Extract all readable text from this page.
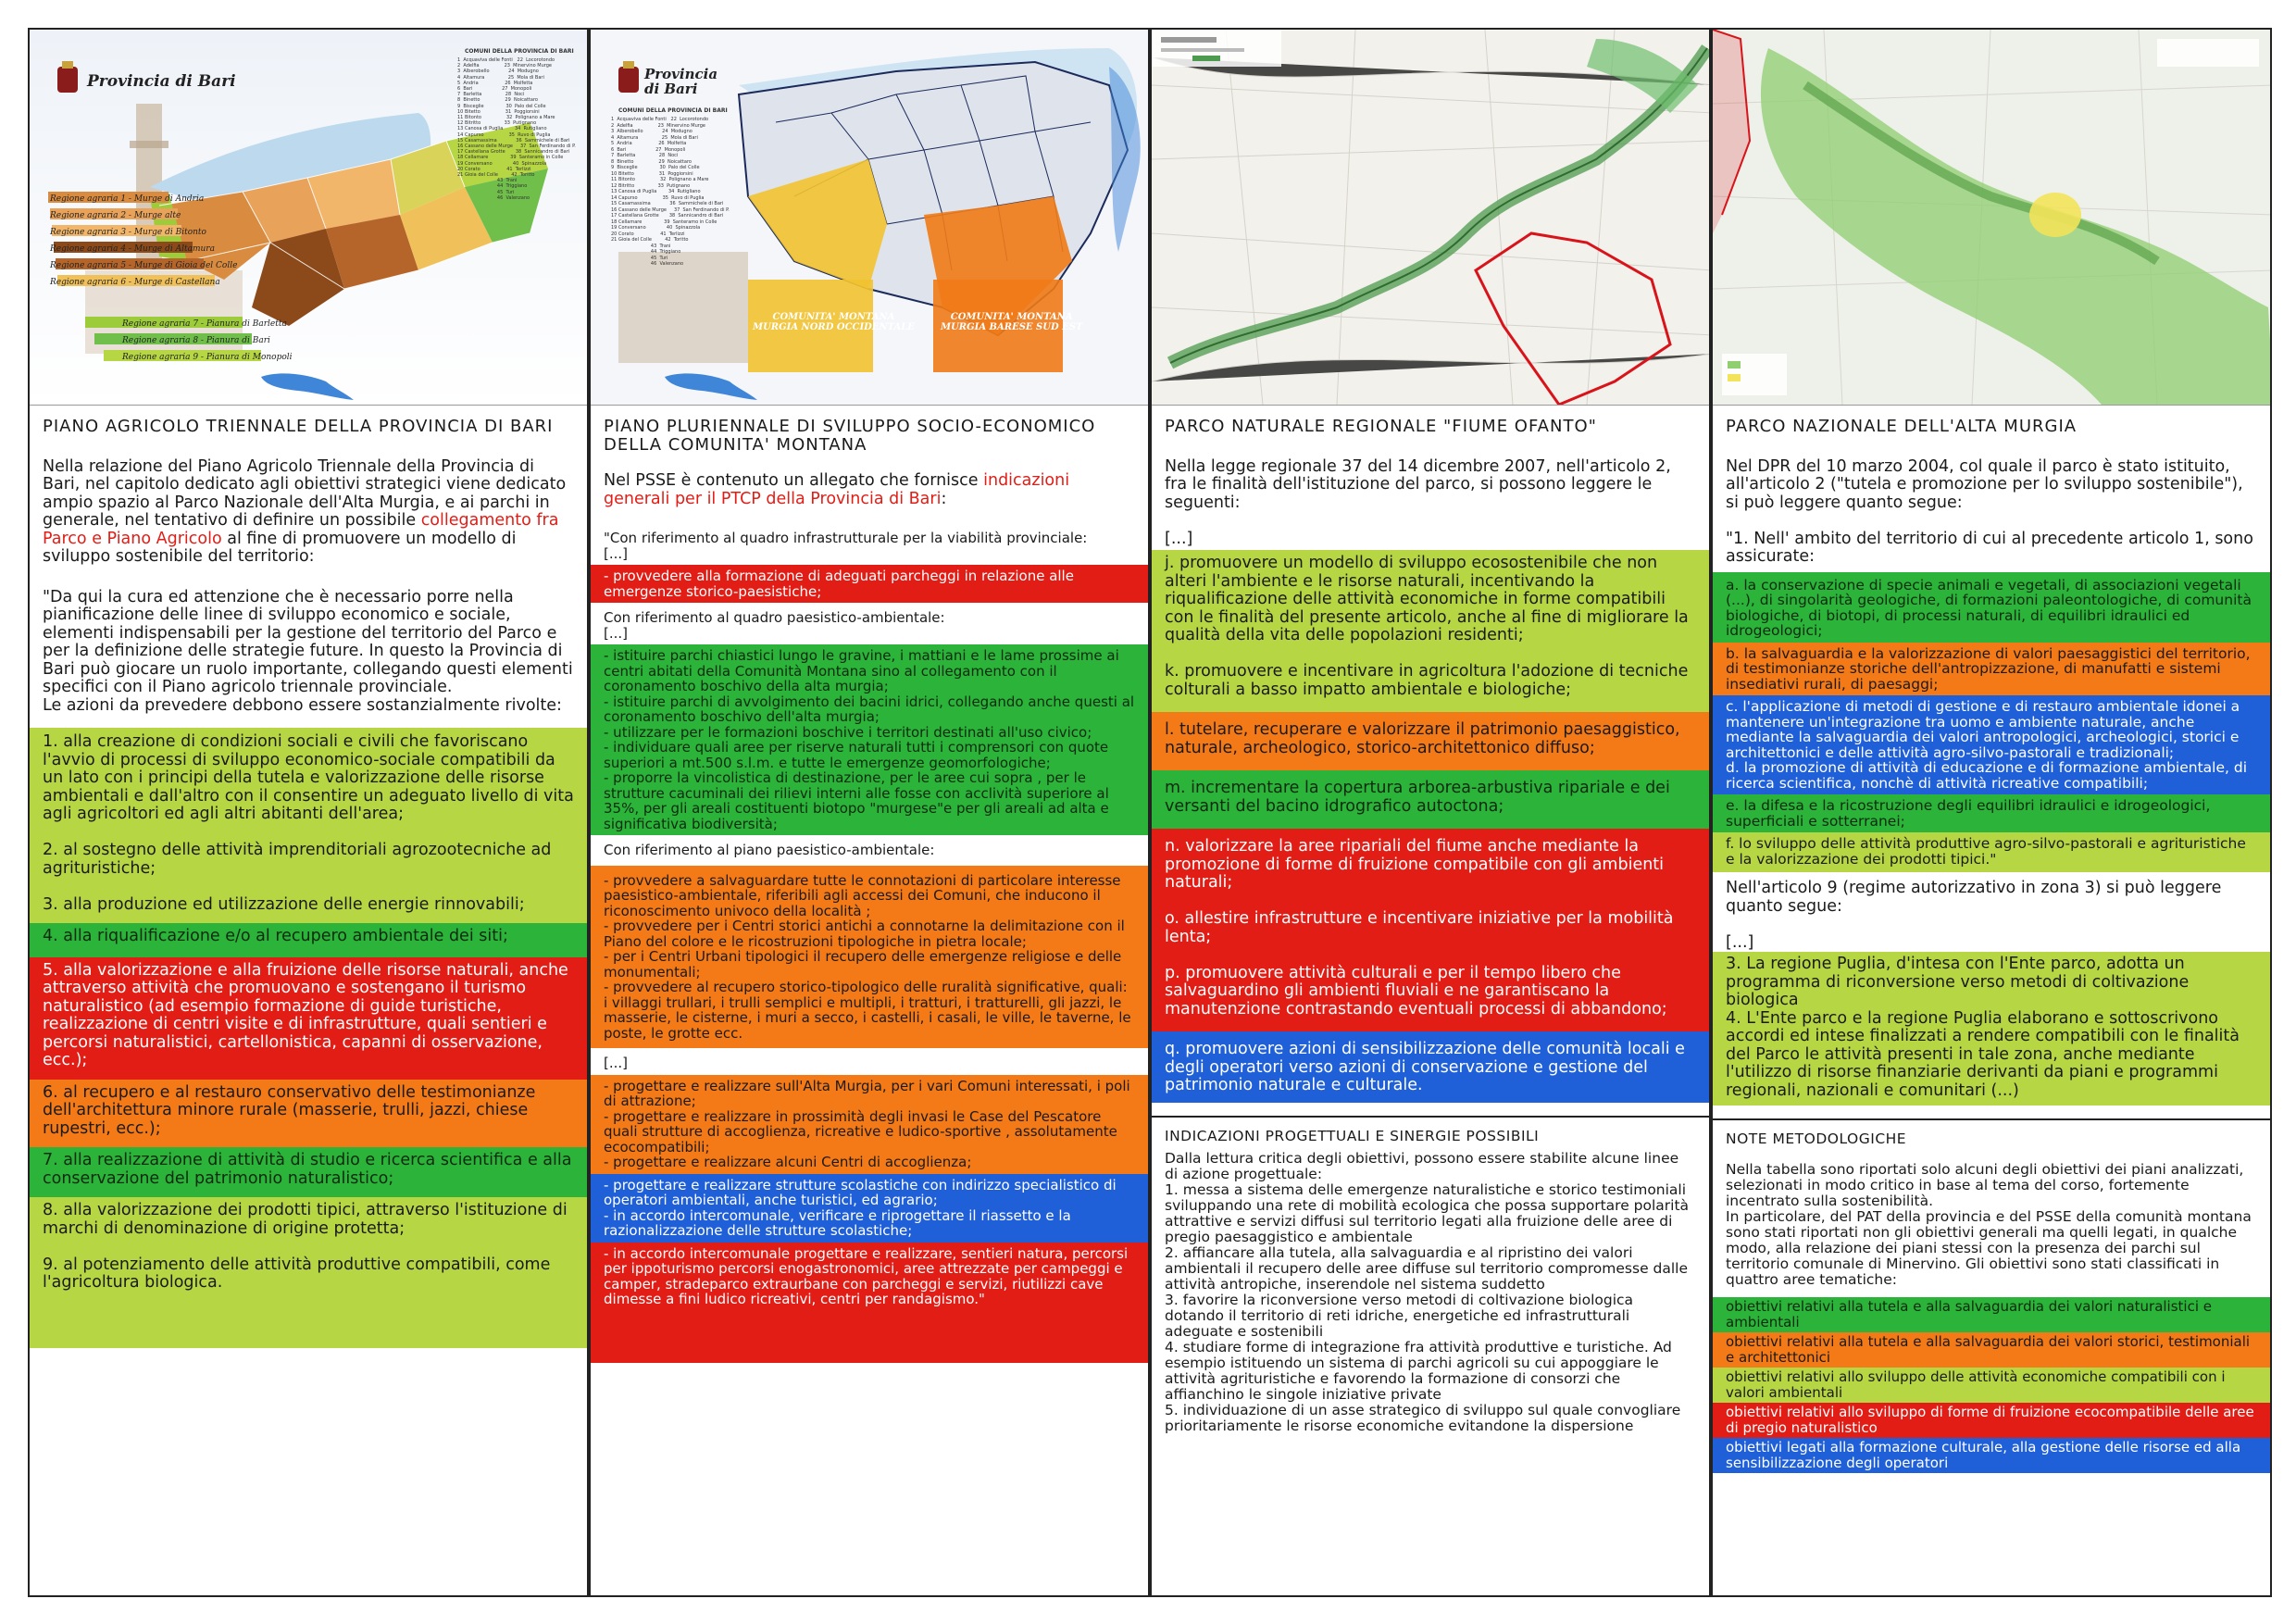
Provincia di Bari
COMUNI DELLA PROVINCIA DI BARI
1  Acquaviva delle Fonti   22  Locorotondo
2  Adelfia                 23  Minervino Murge
3  Alberobello             24  Modugno
4  Altamura                25  Mola di Bari
5  Andria                  26  Molfetta
6  Bari                    27  Monopoli
7  Barletta                28  Noci
8  Binetto                 29  Noicattaro
9  Bisceglie               30  Palo del Colle
10 Bitetto                 31  Poggiorsini
11 Bitonto                 32  Polignano a Mare
12 Bitritto                33  Putignano
13 Canosa di Puglia        34  Rutigliano
14 Capurso                 35  Ruvo di Puglia
15 Casamassima             36  Sammichele di Bari
16 Cassano delle Murge     37  San Ferdinando di P.
17 Castellana Grotte       38  Sannicandro di Bari
18 Cellamare               39  Santeramo in Colle
19 Conversano              40  Spinazzola
20 Corato                  41  Terlizzi
21 Gioia del Colle         42  Toritto
43  Trani
44  Triggiano
45  Turi
46  Valenzano
Regione agraria 1 - Murge di Andria
Regione agraria 2 - Murge alte
Regione agraria 3 - Murge di Bitonto
Regione agraria 4 - Murge di Altamura
Regione agraria 5 - Murge di Gioia del Colle
Regione agraria 6 - Murge di Castellana
Regione agraria 7 - Pianura di Barletta
Regione agraria 8 - Pianura di Bari
Regione agraria 9 - Pianura di Monopoli
PIANO AGRICOLO TRIENNALE DELLA PROVINCIA DI BARI
Nella relazione del Piano Agricolo Triennale della Provincia di Bari, nel capitolo dedicato agli obiettivi strategici viene dedicato ampio spazio al Parco Nazionale dell'Alta Murgia, e ai parchi in generale, nel tentativo di definire un possibile collegamento fra Parco e Piano Agricolo al fine di promuovere un modello di sviluppo sostenibile del territorio:
"Da qui la cura ed attenzione che è necessario porre nella pianificazione delle linee di sviluppo economico e sociale, elementi indispensabili per la gestione del territorio del Parco e per la definizione delle strategie future. In questo la Provincia di Bari può giocare un ruolo importante, collegando questi elementi specifici con il Piano agricolo triennale provinciale.
Le azioni da prevedere debbono essere sostanzialmente rivolte:
1. alla creazione di condizioni sociali e civili che favoriscano l'avvio di processi di sviluppo economico-sociale compatibili da un lato con i principi della tutela e valorizzazione delle risorse ambientali e dall'altro con il consentire un adeguato livello di vita agli agricoltori ed agli altri abitanti dell'area;

2. al sostegno delle attività imprenditoriali agrozootecniche ad agrituristiche;

3. alla produzione ed utilizzazione delle energie rinnovabili;
4. alla riqualificazione e/o al recupero ambientale dei siti;
5. alla valorizzazione e alla fruizione delle risorse naturali, anche attraverso attività che promuovano e sostengano il turismo naturalistico (ad esempio formazione di guide turistiche, realizzazione di centri visite e di infrastrutture, quali sentieri e percorsi naturalistici, cartellonistica, capanni di osservazione, ecc.);
6. al recupero e al restauro conservativo delle testimonianze dell'architettura minore rurale (masserie, trulli, jazzi, chiese rupestri, ecc.);
7. alla realizzazione di attività di studio e ricerca scientifica e alla conservazione del patrimonio naturalistico;
8. alla valorizzazione dei prodotti tipici, attraverso l'istituzione di marchi di denominazione di origine protetta;

9. al potenziamento delle attività produttive compatibili, come l'agricoltura biologica.
Provincia di Bari
COMUNI DELLA PROVINCIA DI BARI
1  Acquaviva delle Fonti   22  Locorotondo
2  Adelfia                 23  Minervino Murge
3  Alberobello             24  Modugno
4  Altamura                25  Mola di Bari
5  Andria                  26  Molfetta
6  Bari                    27  Monopoli
7  Barletta                28  Noci
8  Binetto                 29  Noicattaro
9  Bisceglie               30  Palo del Colle
10 Bitetto                 31  Poggiorsini
11 Bitonto                 32  Polignano a Mare
12 Bitritto                33  Putignano
13 Canosa di Puglia        34  Rutigliano
14 Capurso                 35  Ruvo di Puglia
15 Casamassima             36  Sammichele di Bari
16 Cassano delle Murge     37  San Ferdinando di P.
17 Castellana Grotte       38  Sannicandro di Bari
18 Cellamare               39  Santeramo in Colle
19 Conversano              40  Spinazzola
20 Corato                  41  Terlizzi
21 Gioia del Colle         42  Toritto
43  Trani
44  Triggiano
45  Turi
46  Valenzano
COMUNITA' MONTANA
MURGIA NORD OCCIDENTALE
COMUNITA' MONTANA
MURGIA BARESE SUD EST
PIANO PLURIENNALE DI SVILUPPO SOCIO-ECONOMICO DELLA COMUNITA' MONTANA
Nel PSSE è contenuto un allegato che fornisce indicazioni generali per il PTCP della Provincia di Bari:
"Con riferimento al quadro infrastrutturale per la viabilità provinciale:
[...]
- provvedere alla formazione di adeguati parcheggi in relazione alle emergenze storico-paesistiche;
Con riferimento al quadro paesistico-ambientale:
[...]
- istituire parchi chiastici lungo le gravine, i mattiani e le lame prossime ai centri abitati della Comunità Montana sino al collegamento con il coronamento boschivo della alta murgia;
- istituire parchi di avvolgimento dei bacini idrici, collegando anche questi al coronamento boschivo dell'alta murgia;
- utilizzare per le formazioni boschive i territori destinati all'uso civico;
- individuare quali aree per riserve naturali tutti i comprensori con quote superiori a mt.500 s.l.m. e tutte le emergenze geomorfologiche;
- proporre la vincolistica di destinazione, per le aree cui sopra , per le strutture cacuminali dei rilievi interni alle fosse con acclività superiore al 35%, per gli areali costituenti biotopo "murgese"e per gli areali ad alta e significativa biodiversità;
Con riferimento al piano paesistico-ambientale:
- provvedere a salvaguardare tutte le connotazioni di particolare interesse paesistico-ambientale, riferibili agli accessi dei Comuni, che inducono il riconoscimento univoco della località ;
- provvedere per i Centri storici antichi a connotarne la delimitazione con il Piano del colore e le ricostruzioni tipologiche in pietra locale;
- per i Centri Urbani tipologici il recupero delle emergenze religiose e delle monumentali;
- provvedere al recupero storico-tipologico delle ruralità significative, quali:
i villaggi trullari, i trulli semplici e multipli, i tratturi, i tratturelli, gli jazzi, le masserie, le cisterne, i muri a secco, i castelli, i casali, le ville, le taverne, le poste, le grotte ecc.
[...]
- progettare e realizzare sull'Alta Murgia, per i vari Comuni interessati, i poli di attrazione;
- progettare e realizzare in prossimità degli invasi le Case del Pescatore quali strutture di accoglienza, ricreative e ludico-sportive , assolutamente ecocompatibili;
- progettare e realizzare alcuni Centri di accoglienza;
- progettare e realizzare strutture scolastiche con indirizzo specialistico di operatori ambientali, anche turistici, ed agrario;
- in accordo intercomunale, verificare e riprogettare il riassetto e la razionalizzazione delle strutture scolastiche;
- in accordo intercomunale progettare e realizzare, sentieri natura, percorsi per ippoturismo percorsi enogastronomici, aree attrezzate per campeggi e camper, stradeparco extraurbane con parcheggi e servizi, riutilizzi cave dimesse a fini ludico ricreativi, centri per randagismo."
PARCO NATURALE REGIONALE "FIUME OFANTO"
Nella legge regionale 37 del 14 dicembre 2007, nell'articolo 2, fra le finalità dell'istituzione del parco, si possono leggere le seguenti:

[...]
j. promuovere un modello di sviluppo ecosostenibile che non alteri l'ambiente e le risorse naturali, incentivando la riqualificazione delle attività economiche in forme compatibili con le finalità del presente articolo, anche al fine di migliorare la qualità della vita delle popolazioni residenti;

k. promuovere e incentivare in agricoltura l'adozione di tecniche colturali a basso impatto ambientale e biologiche;
l. tutelare, recuperare e valorizzare il patrimonio paesaggistico, naturale, archeologico, storico-architettonico diffuso;
m. incrementare la copertura arborea-arbustiva ripariale e dei versanti del bacino idrografico autoctona;
n. valorizzare la aree ripariali del fiume anche mediante la promozione di forme di fruizione compatibile con gli ambienti naturali;

o. allestire infrastrutture e incentivare iniziative per la mobilità lenta;

p. promuovere attività culturali e per il tempo libero che salvaguardino gli ambienti fluviali e ne garantiscano la manutenzione contrastando eventuali processi di abbandono;
q. promuovere azioni di sensibilizzazione delle comunità locali e degli operatori verso azioni di conservazione e gestione del patrimonio naturale e culturale.
INDICAZIONI PROGETTUALI E SINERGIE POSSIBILI
Dalla lettura critica degli obiettivi, possono essere stabilite alcune linee di azione progettuale:
1. messa a sistema delle emergenze naturalistiche e storico testimoniali sviluppando una rete di mobilità ecologica che possa supportare polarità attrattive e servizi diffusi sul territorio legati alla fruizione delle aree di pregio paesaggistico e ambientale
2. affiancare alla tutela, alla salvaguardia e al ripristino dei valori ambientali il recupero delle aree diffuse sul territorio compromesse dalle attività antropiche, inserendole nel sistema suddetto
3. favorire la riconversione verso metodi di coltivazione biologica dotando il territorio di reti idriche, energetiche ed infrastrutturali adeguate e sostenibili
4. studiare forme di integrazione fra attività produttive e turistiche. Ad esempio istituendo un sistema di parchi agricoli su cui appoggiare le attività agrituristiche e favorendo la formazione di consorzi che affianchino le singole iniziative private
5. individuazione di un asse strategico di sviluppo sul quale convogliare prioritariamente le risorse economiche evitandone la dispersione
PARCO NAZIONALE DELL'ALTA MURGIA
Nel DPR del 10 marzo 2004, col quale il parco è stato istituito, all'articolo 2 ("tutela e promozione per lo sviluppo sostenibile"), si può leggere quanto segue:

"1. Nell' ambito del territorio di cui al precedente articolo 1, sono assicurate:
a. la conservazione di specie animali e vegetali, di associazioni vegetali (...), di singolarità geologiche, di formazioni paleontologiche, di comunità biologiche, di biotopi, di processi naturali, di equilibri idraulici ed idrogeologici;
b. la salvaguardia e la valorizzazione di valori paesaggistici del territorio, di testimonianze storiche dell'antropizzazione, di manufatti e sistemi insediativi rurali, di paesaggi;
c. l'applicazione di metodi di gestione e di restauro ambientale idonei a mantenere un'integrazione tra uomo e ambiente naturale, anche mediante la salvaguardia dei valori antropologici, archeologici, storici e architettonici e delle attività agro-silvo-pastorali e tradizionali;
d. la promozione di attività di educazione e di formazione ambientale, di ricerca scientifica, nonchè di attività ricreative compatibili;
e. la difesa e la ricostruzione degli equilibri idraulici e idrogeologici, superficiali e sotterranei;
f. lo sviluppo delle attività produttive agro-silvo-pastorali e agrituristiche e la valorizzazione dei prodotti tipici."
Nell'articolo 9 (regime autorizzativo in zona 3) si può leggere quanto segue:

[...]
3. La regione Puglia, d'intesa con l'Ente parco, adotta un programma di riconversione verso metodi di coltivazione biologica
4. L'Ente parco e la regione Puglia elaborano e sottoscrivono accordi ed intese finalizzati a rendere compatibili con le finalità del Parco le attività presenti in tale zona, anche mediante l'utilizzo di risorse finanziarie derivanti da piani e programmi regionali, nazionali e comunitari (...)
NOTE METODOLOGICHE
Nella tabella sono riportati solo alcuni degli obiettivi dei piani analizzati, selezionati in modo critico in base al tema del corso, fortemente incentrato sulla sostenibilità.
In particolare, del PAT della provincia e del PSSE della comunità montana sono stati riportati non gli obiettivi generali ma quelli legati, in qualche modo, alla relazione dei piani stessi con la presenza dei parchi sul territorio comunale di Minervino. Gli obiettivi sono stati classificati in quattro aree tematiche:
obiettivi relativi alla tutela e alla salvaguardia dei valori naturalistici e ambientali
obiettivi relativi alla tutela e alla salvaguardia dei valori storici, testimoniali e architettonici
obiettivi relativi allo sviluppo delle attività economiche compatibili con i valori ambientali
obiettivi relativi allo sviluppo di forme di fruizione ecocompatibile delle aree di pregio naturalistico
obiettivi legati alla formazione culturale, alla gestione delle risorse ed alla sensibilizzazione degli operatori
